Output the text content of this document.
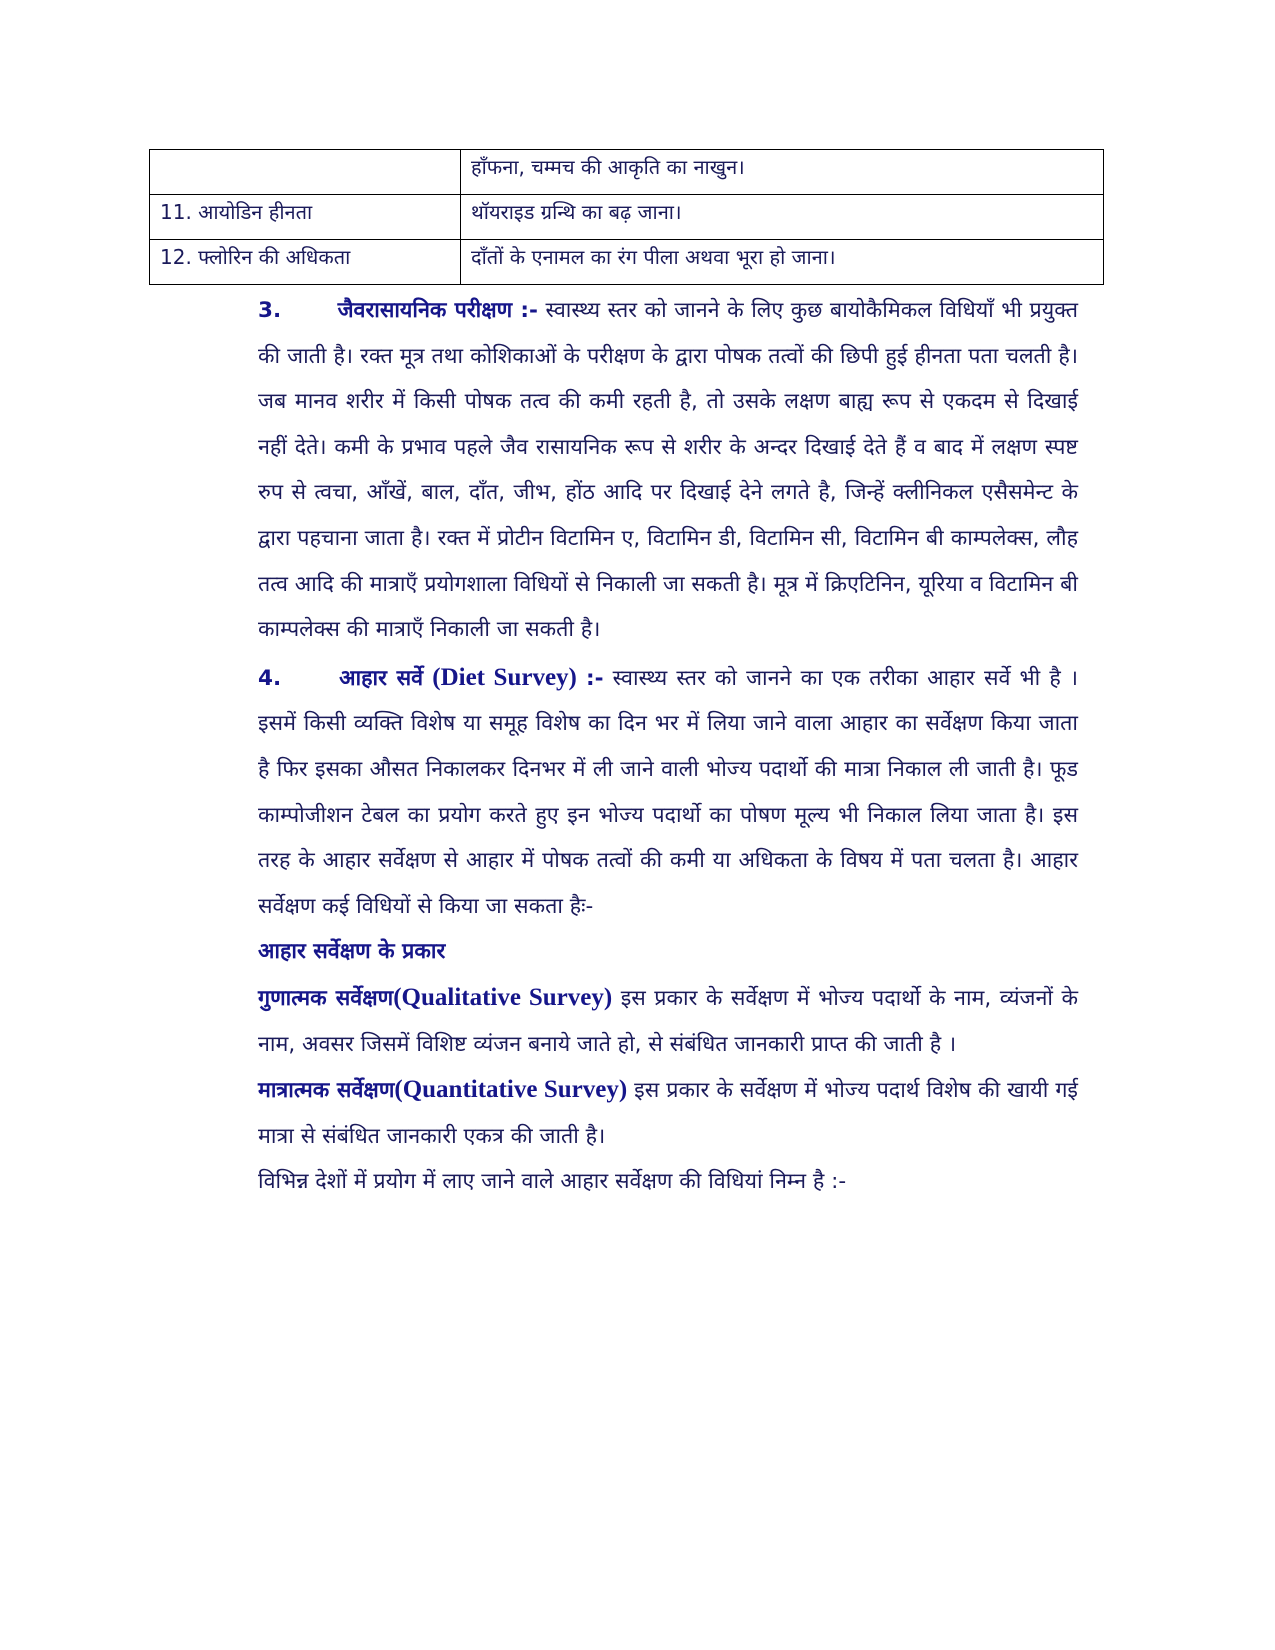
	हाँफना, चम्मच की आकृति का नाखुन।
11. आयोडिन हीनता	थॉयराइड ग्रन्थि का बढ़ जाना।
12. फ्लोरिन की अधिकता	दाँतों के एनामल का रंग पीला अथवा भूरा हो जाना।

3.	जैवरासायनिक परीक्षण :- स्वास्थ्य स्तर को जानने के लिए कुछ बायोकैमिकल विधियाँ भी प्रयुक्त की जाती है। रक्त मूत्र तथा कोशिकाओं के परीक्षण के द्वारा पोषक तत्वों की छिपी हुई हीनता पता चलती है। जब मानव शरीर में किसी पोषक तत्व की कमी रहती है, तो उसके लक्षण बाह्य रूप से एकदम से दिखाई नहीं देते। कमी के प्रभाव पहले जैव रासायनिक रूप से शरीर के अन्दर दिखाई देते हैं व बाद में लक्षण स्पष्ट रुप से त्वचा, आँखें, बाल, दाँत, जीभ, होंठ आदि पर दिखाई देने लगते है, जिन्हें क्लीनिकल एसैसमेन्ट के द्वारा पहचाना जाता है। रक्त में प्रोटीन विटामिन ए, विटामिन डी, विटामिन सी, विटामिन बी काम्पलेक्स, लौह तत्व आदि की मात्राएँ प्रयोगशाला विधियों से निकाली जा सकती है। मूत्र में क्रिएटिनिन, यूरिया व विटामिन बी काम्पलेक्स की मात्राएँ निकाली जा सकती है।

4.	आहार सर्वे (Diet Survey) :- स्वास्थ्य स्तर को जानने का एक तरीका आहार सर्वे भी है । इसमें किसी व्यक्ति विशेष या समूह विशेष का दिन भर में लिया जाने वाला आहार का सर्वेक्षण किया जाता है फिर इसका औसत निकालकर दिनभर में ली जाने वाली भोज्य पदार्थो की मात्रा निकाल ली जाती है। फूड काम्पोजीशन टेबल का प्रयोग करते हुए इन भोज्य पदार्थो का पोषण मूल्य भी निकाल लिया जाता है। इस तरह के आहार सर्वेक्षण से आहार में पोषक तत्वों की कमी या अधिकता के विषय में पता चलता है। आहार सर्वेक्षण कई विधियों से किया जा सकता हैः-

आहार सर्वेक्षण के प्रकार

गुणात्मक सर्वेक्षण(Qualitative Survey) इस प्रकार के सर्वेक्षण में भोज्य पदार्थो के नाम, व्यंजनों के नाम, अवसर जिसमें विशिष्ट व्यंजन बनाये जाते हो, से संबंधित जानकारी प्राप्त की जाती है ।

मात्रात्मक सर्वेक्षण(Quantitative Survey) इस प्रकार के सर्वेक्षण में भोज्य पदार्थ विशेष की खायी गई मात्रा से संबंधित जानकारी एकत्र की जाती है।

विभिन्न देशों में प्रयोग में लाए जाने वाले आहार सर्वेक्षण की विधियां निम्न है :-
